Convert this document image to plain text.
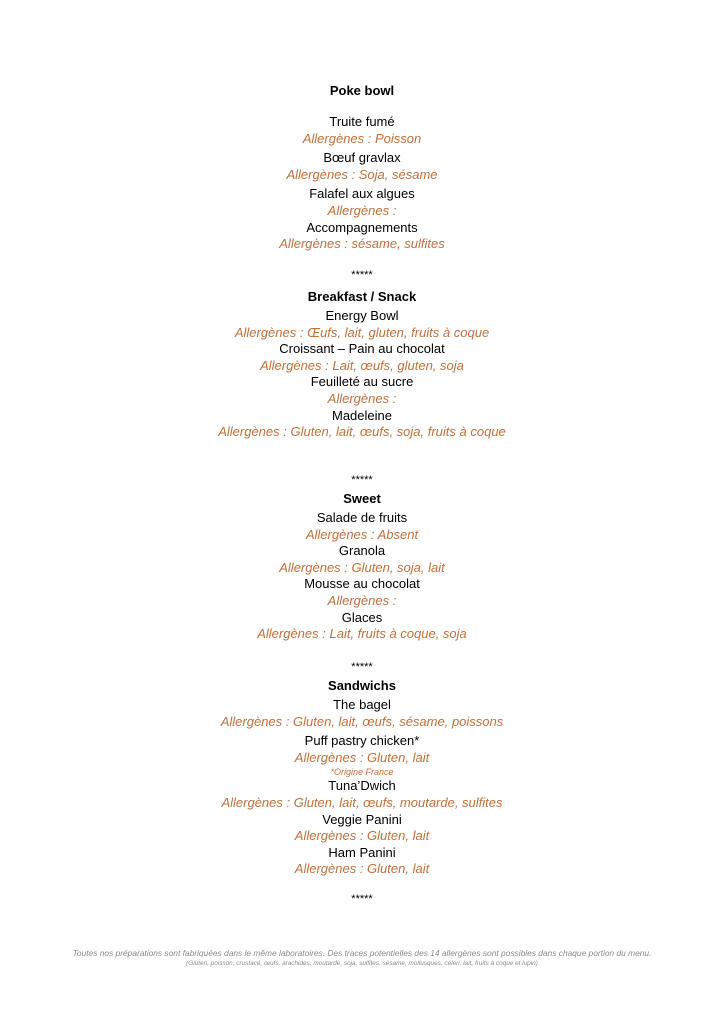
Poke bowl

Truite fumé

Allergènes : Poisson

Bœuf gravlax

Allergènes : Soja, sésame

Falafel aux algues

Allergènes :

Accompagnements

Allergènes : sésame, sulfites

*****

Breakfast / Snack

Energy Bowl

Allergènes : Œufs, lait, gluten, fruits à coque

Croissant – Pain au chocolat

Allergènes : Lait, œufs, gluten, soja

Feuilleté au sucre

Allergènes :

Madeleine

Allergènes : Gluten, lait, œufs, soja, fruits à coque

*****

Sweet

Salade de fruits

Allergènes : Absent

Granola

Allergènes : Gluten, soja, lait

Mousse au chocolat

Allergènes :

Glaces

Allergènes : Lait, fruits à coque, soja

*****

Sandwichs

The bagel

Allergènes : Gluten, lait, œufs, sésame, poissons

Puff pastry chicken*

Allergènes : Gluten, lait

*Origine France

Tuna’Dwich

Allergènes : Gluten, lait, œufs, moutarde, sulfites

Veggie Panini

Allergènes : Gluten, lait

Ham Panini

Allergènes : Gluten, lait

*****

Toutes nos préparations sont fabriquées dans le même laboratoires. Des traces potentielles des 14 allergènes sont possibles dans chaque portion du menu.

(Gluten, poisson, crustacé, œufs, arachides, moutarde, soja, sulfites, sésame, mollusques, céleri, lait, fruits à coque et lupin)
